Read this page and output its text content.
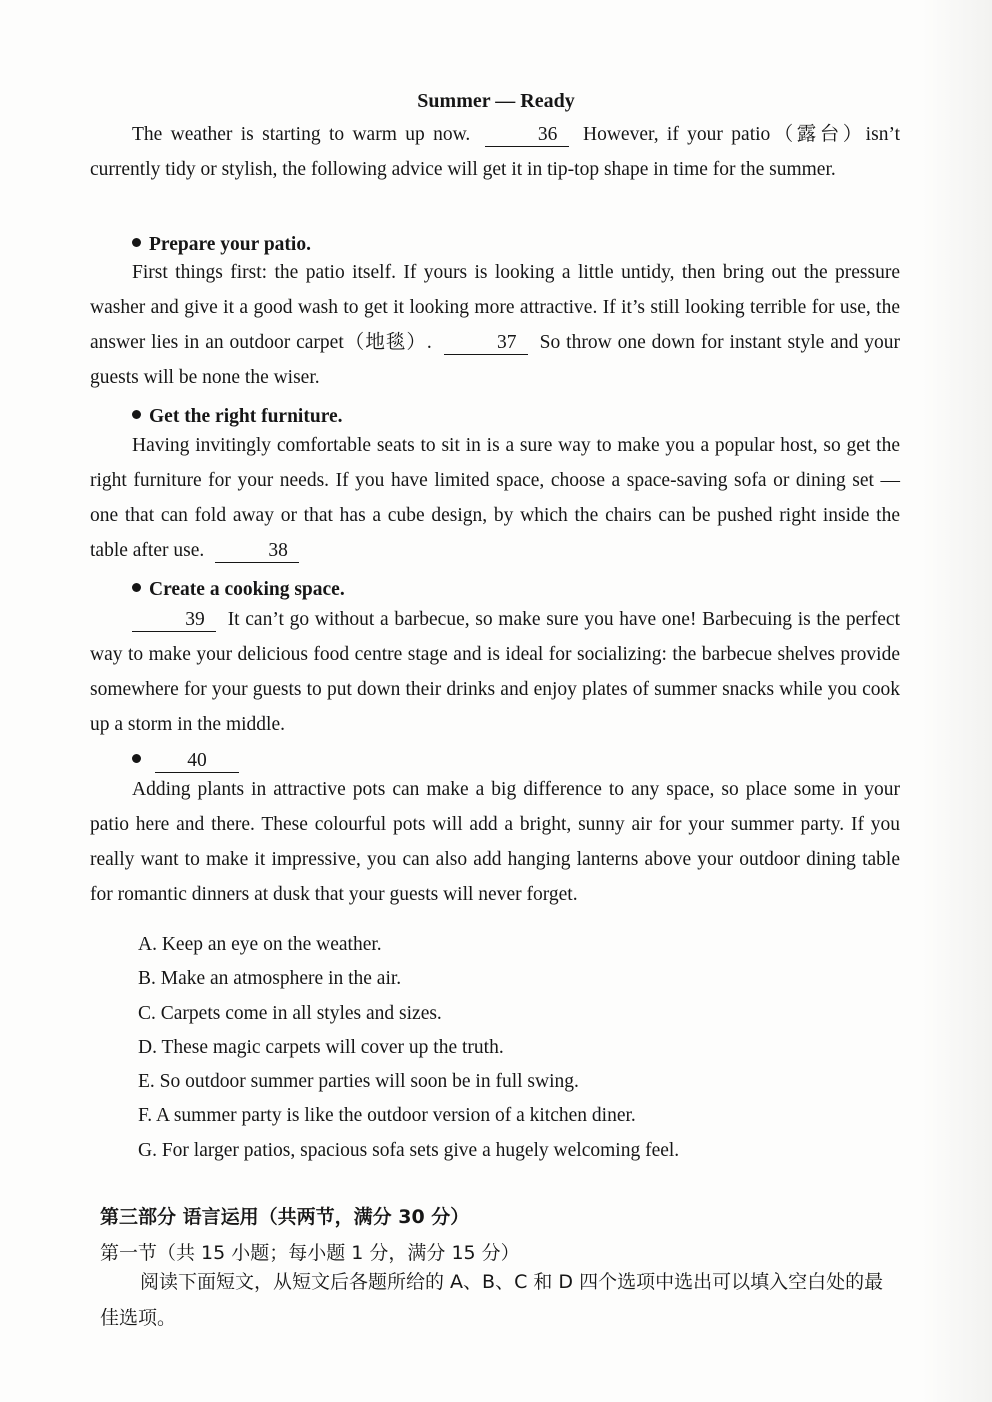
Summer — Ready

The weather is starting to warm up now.	36 However, if your patio（露台）isn’t currently tidy or stylish, the following advice will get it in tip-top shape in time for the summer.

Prepare your patio.

First things first: the patio itself. If yours is looking a little untidy, then bring out the pressure washer and give it a good wash to get it looking more attractive. If it’s still looking terrible for use, the answer lies in an outdoor carpet（地毯）.	37 So throw one down for instant style and your guests will be none the wiser.

Get the right furniture.

Having invitingly comfortable seats to sit in is a sure way to make you a popular host, so get the right furniture for your needs. If you have limited space, choose a space-saving sofa or dining set — one that can fold away or that has a cube design, by which the chairs can be pushed right inside the table after use.	38

Create a cooking space.

39 It can’t go without a barbecue, so make sure you have one! Barbecuing is the perfect way to make your delicious food centre stage and is ideal for socializing: the barbecue shelves provide somewhere for your guests to put down their drinks and enjoy plates of summer snacks while you cook up a storm in the middle.

40

Adding plants in attractive pots can make a big difference to any space, so place some in your patio here and there. These colourful pots will add a bright, sunny air for your summer party. If you really want to make it impressive, you can also add hanging lanterns above your outdoor dining table for romantic dinners at dusk that your guests will never forget.

A. Keep an eye on the weather.
B. Make an atmosphere in the air.
C. Carpets come in all styles and sizes.
D. These magic carpets will cover up the truth.
E. So outdoor summer parties will soon be in full swing.
F. A summer party is like the outdoor version of a kitchen diner.
G. For larger patios, spacious sofa sets give a hugely welcoming feel.
第三部分 语言运用（共两节，满分 30 分）
第一节（共 15 小题；每小题 1 分，满分 15 分）

阅读下面短文，从短文后各题所给的 A、B、C 和 D 四个选项中选出可以填入空白处的最佳选项。
